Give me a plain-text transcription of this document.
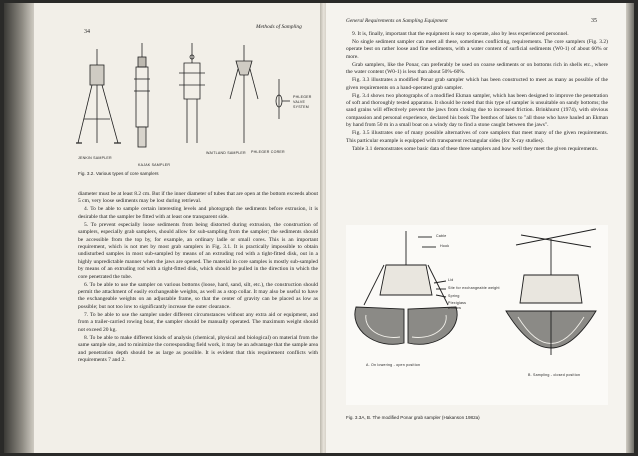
34
Methods of Sampling
JENKIN SAMPLER
KAJAK SAMPLER
WAITLAND SAMPLER PHLEGER CORER
PHLEGER VALVE SYSTEM
Fig. 3.2. Various types of core samplers

diameter must be at least 8.2 cm. But if the inner diameter of tubes that are open at the bottom exceeds about 5 cm, very loose sediments may be lost during retrieval.

4. To be able to sample certain interesting levels and photograph the sediments before extrusion, it is desirable that the sampler be fitted with at least one transparent side.

5. To prevent especially loose sediments from being distorted during extrusion, the construction of samplers, especially grab samplers, should allow for sub-sampling from the sampler; the sediments should be accessible from the top by, for example, an ordinary ladle or small cores. This is an important requirement, which is not met by most grab samplers in Fig. 3.1. It is practically impossible to obtain undisturbed samples in most sub-sampled by means of an extruding rod with a tight-fitted disk, out in a highly unpredictable manner when the jaws are opened. The material in core samples is mostly sub-sampled by means of an extruding rod with a tight-fitted disk, which should be pulled in the direction in which the core penetrated the tube.

6. To be able to use the sampler on various bottoms (loose, hard, sand, silt, etc.), the construction should permit the attachment of easily exchangeable weights, as well as a stop collar. It may also be useful to have the exchangeable weights on an adjustable frame, so that the center of gravity can be placed as low as possible; but not too low to significantly increase the outer clearance.

7. To be able to use the sampler under different circumstances without any extra aid or equipment, and from a trailer-carried rowing boat, the sampler should be manually operated. The maximum weight should not exceed 20 kg.

8. To be able to make different kinds of analysis (chemical, physical and biological) on material from the same sample site, and to minimize the corresponding field work, it may be an advantage that the sample area and penetration depth should be as large as possible. It is evident that this requirement conflicts with requirements 7 and 2.

General Requirements on Sampling Equipment	35

9. It is, finally, important that the equipment is easy to operate, also by less experienced personnel.

No single sediment sampler can meet all these, sometimes conflicting, requirements. The core samplers (Fig. 3.2) operate best on rather loose and fine sediments, with a water content of surficial sediments (W0-1) of about 60% or more.

Grab samplers, like the Ponar, can preferably be used on coarse sediments or on bottoms rich in shells etc., where the water content (W0-1) is less than about 50%-60%.

Fig. 3.3 illustrates a modified Ponar grab sampler which has been constructed to meet as many as possible of the given requirements on a hand-operated grab sampler.

Fig. 3.4 shows two photographs of a modified Ekman sampler, which has been designed to improve the penetration of soft and thoroughly tested apparatus. It should be noted that this type of sampler is unsuitable on sandy bottoms; the sand grains will effectively prevent the jaws from closing due to increased friction. Brinkhurst (1974), with obvious compassion and personal experience, declared his book The benthos of lakes to "all those who have hauled an Ekman by hand from 50 m in a small boat on a windy day to find a stone caught between the jaws".

Fig. 3.5 illustrates one of many possible alternatives of core samplers that meet many of the given requirements. This particular example is equipped with transparent rectangular sides (for X-ray studies).

Table 3.1 demonstrates some basic data of these three samplers and how well they meet the given requirements.

Cable
Hook
Lid
Site for exchangeable weight
Spring
Plexiglass window
A. On lowering - open position
B. Sampling - closed position
Fig. 3.3A, B. The modified Ponar grab sampler (Hakanson 1982a)
